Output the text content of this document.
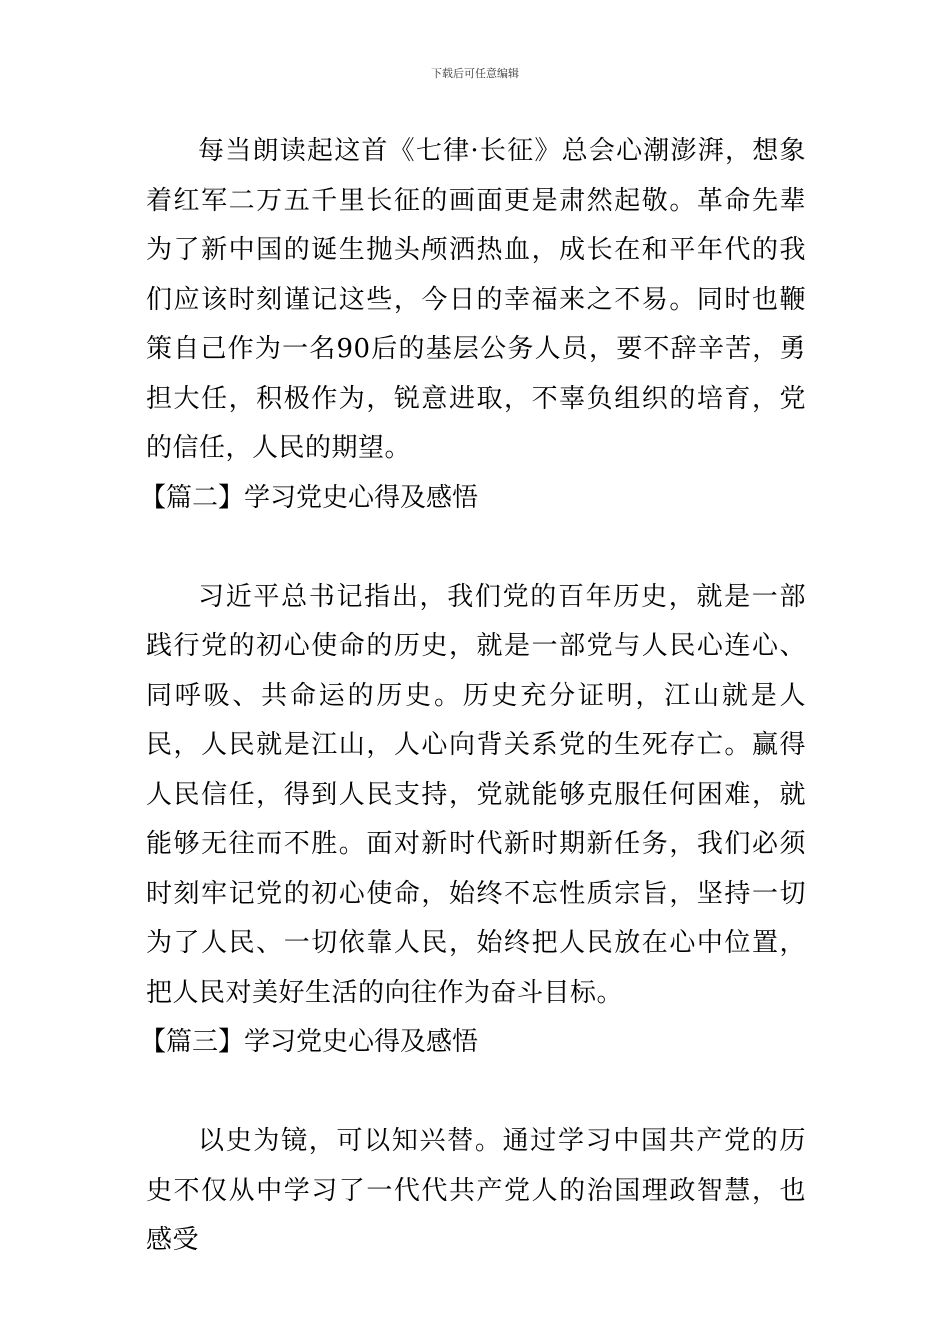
下载后可任意编辑

每当朗读起这首《七律·长征》总会心潮澎湃，想象着红军二万五千里长征的画面更是肃然起敬。革命先辈为了新中国的诞生抛头颅洒热血，成长在和平年代的我们应该时刻谨记这些，今日的幸福来之不易。同时也鞭策自己作为一名90后的基层公务人员，要不辞辛苦，勇担大任，积极作为，锐意进取，不辜负组织的培育，党的信任，人民的期望。

【篇二】学习党史心得及感悟

习近平总书记指出，我们党的百年历史，就是一部践行党的初心使命的历史，就是一部党与人民心连心、同呼吸、共命运的历史。历史充分证明，江山就是人民，人民就是江山，人心向背关系党的生死存亡。赢得人民信任，得到人民支持，党就能够克服任何困难，就能够无往而不胜。面对新时代新时期新任务，我们必须时刻牢记党的初心使命，始终不忘性质宗旨，坚持一切为了人民、一切依靠人民，始终把人民放在心中位置，把人民对美好生活的向往作为奋斗目标。

【篇三】学习党史心得及感悟

以史为镜，可以知兴替。通过学习中国共产党的历史不仅从中学习了一代代共产党人的治国理政智慧，也感受
